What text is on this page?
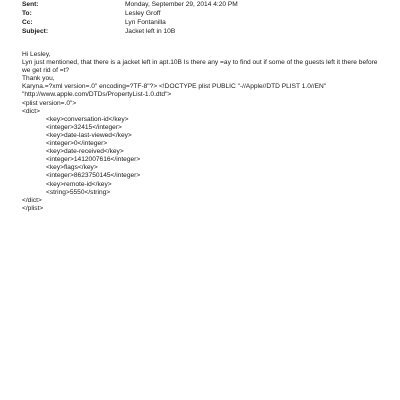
Sent:	Monday, September 29, 2014 4:20 PM
To:	Lesley Groff
Cc:	Lyn Fontanilla
Subject:	Jacket left in 10B
Hi Lesley,
Lyn just mentioned, that there is a jacket left in apt.10B Is there any =ay to find out if some of the guests left it there before we get rid of =t?
Thank you,
Karyna.=?xml version=.0" encoding=?TF-8"?> <!DOCTYPE plist PUBLIC "-//Apple//DTD PLIST 1.0//EN"
"http://www.apple.com/DTDs/PropertyList-1.0.dtd">
<plist version=.0">
<dict>
<key>conversation-id</key>
<integer>32415</integer>
<key>date-last-viewed</key>
<integer>0</integer>
<key>date-received</key>
<integer>1412007616</integer>
<key>flags</key>
<integer>8623750145</integer>
<key>remote-id</key>
<string>5550</string>
</dict>
</plist>
